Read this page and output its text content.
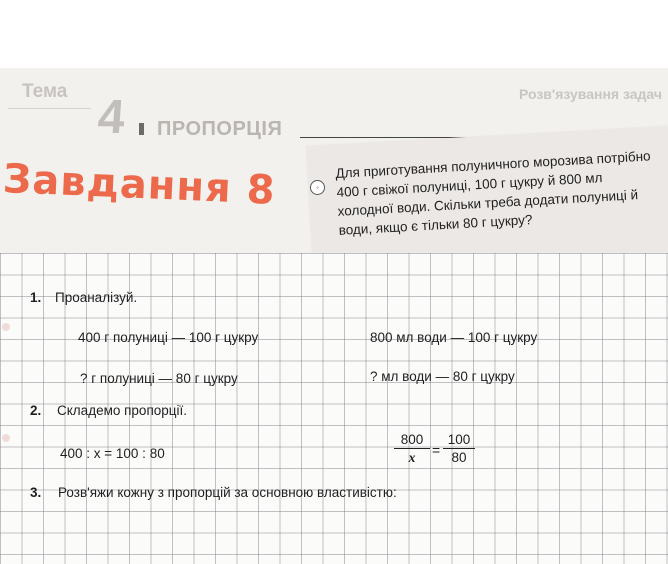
Тема 4 ПРОПОРЦІЯ
Розв'язування задач
Завдання 8	◦
Для приготування полуничного морозива потрібно 400 г свіжої полуниці, 100 г цукру й 800 мл холодної води. Скільки треба додати полуниці й води, якщо є тільки 80 г цукру?
1. Проаналізуй.
400 г полуниці — 100 г цукру	800 мл води — 100 г цукру
? г полуниці — 80 г цукру	? мл води — 80 г цукру
2. Складемо пропорції.
400 : x = 100 : 80	$\frac{800}{x} = \frac{100}{80}$
3. Розв'яжи кожну з пропорцій за основною властивістю:
